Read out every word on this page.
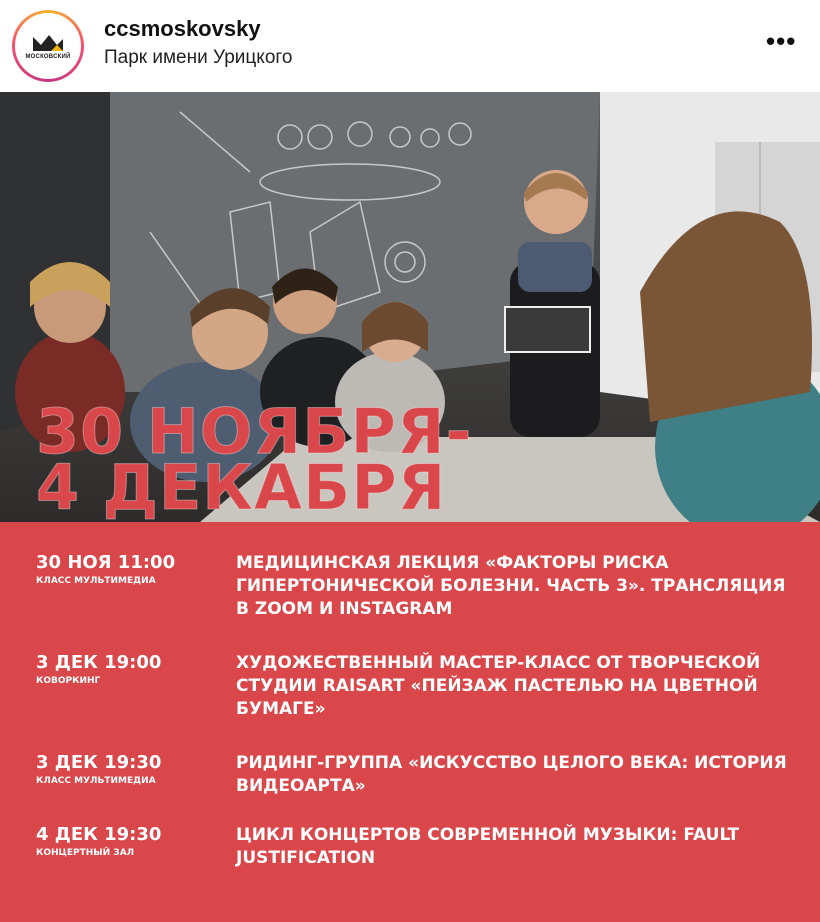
МОСКОВСКИЙ
ccsmoskovsky
Парк имени Урицкого
•••
30 НОЯБРЯ-
4 ДЕКАБРЯ
30 НОЯ 11:00
КЛАСС МУЛЬТИМЕДИА
МЕДИЦИНСКАЯ ЛЕКЦИЯ «ФАКТОРЫ РИСКА ГИПЕРТОНИЧЕСКОЙ БОЛЕЗНИ. ЧАСТЬ 3». ТРАНСЛЯЦИЯ В ZOOM И INSTAGRAM
3 ДЕК 19:00
КОВОРКИНГ
ХУДОЖЕСТВЕННЫЙ МАСТЕР-КЛАСС ОТ ТВОРЧЕСКОЙ СТУДИИ RAISART «ПЕЙЗАЖ ПАСТЕЛЬЮ НА ЦВЕТНОЙ БУМАГЕ»
3 ДЕК 19:30
КЛАСС МУЛЬТИМЕДИА
РИДИНГ-ГРУППА «ИСКУССТВО ЦЕЛОГО ВЕКА: ИСТОРИЯ ВИДЕОАРТА»
4 ДЕК 19:30
КОНЦЕРТНЫЙ ЗАЛ
ЦИКЛ КОНЦЕРТОВ СОВРЕМЕННОЙ МУЗЫКИ: FAULT JUSTIFICATION
